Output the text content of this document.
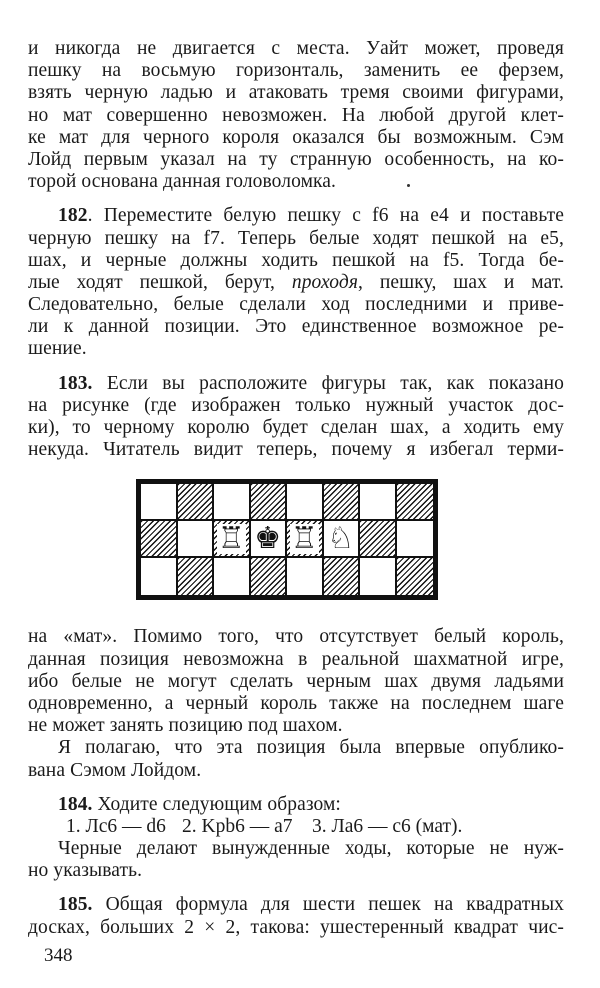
и никогда не двигается с места. Уайт может, проведя
пешку на восьмую горизонталь, заменить ее ферзем,
взять черную ладью и атаковать тремя своими фигурами,
но мат совершенно невозможен. На любой другой клет-
ке мат для черного короля оказался бы возможным. Сэм
Лойд первым указал на ту странную особенность, на ко-
торой основана данная головоломка.
182. Переместите белую пешку с f6 на e4 и поставьте
черную пешку на f7. Теперь белые ходят пешкой на e5,
шах, и черные должны ходить пешкой на f5. Тогда бе-
лые ходят пешкой, берут, проходя, пешку, шах и мат.
Следовательно, белые сделали ход последними и приве-
ли к данной позиции. Это единственное возможное ре-
шение.
183. Если вы расположите фигуры так, как показано
на рисунке (где изображен только нужный участок дос-
ки), то черному королю будет сделан шах, а ходить ему
некуда. Читатель видит теперь, почему я избегал терми-
на «мат». Помимо того, что отсутствует белый король,
данная позиция невозможна в реальной шахматной игре,
ибо белые не могут сделать черным шах двумя ладьями
одновременно, а черный король также на последнем шаге
не может занять позицию под шахом.
Я полагаю, что эта позиция была впервые опублико-
вана Сэмом Лойдом.
184. Ходите следующим образом:
1. Лc6 — d6 2. Kpb6 — a7 3. Лa6 — c6 (мат).
Черные делают вынужденные ходы, которые не нуж-
но указывать.
185. Общая формула для шести пешек на квадратных
досках, больших 2 × 2, такова: ушестеренный квадрат чис-
♖ ♚ ♖ ♘
348
